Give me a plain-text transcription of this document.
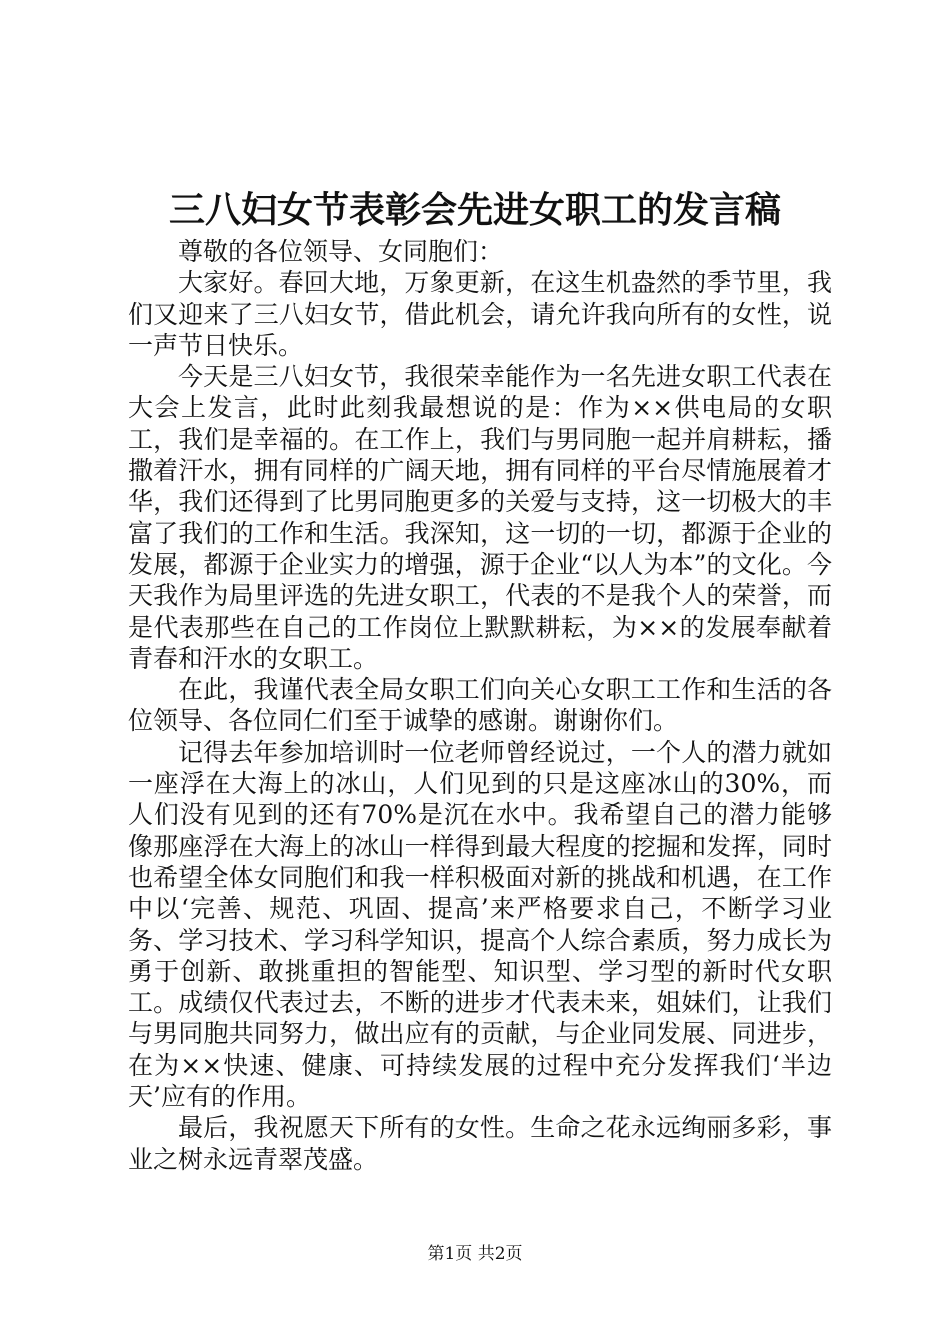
三八妇女节表彰会先进女职工的发言稿

尊敬的各位领导、女同胞们：

大家好。春回大地，万象更新，在这生机盎然的季节里，我们又迎来了三八妇女节，借此机会，请允许我向所有的女性，说一声节日快乐。

今天是三八妇女节，我很荣幸能作为一名先进女职工代表在大会上发言，此时此刻我最想说的是：作为××供电局的女职工，我们是幸福的。在工作上，我们与男同胞一起并肩耕耘，播撒着汗水，拥有同样的广阔天地，拥有同样的平台尽情施展着才华，我们还得到了比男同胞更多的关爱与支持，这一切极大的丰富了我们的工作和生活。我深知，这一切的一切，都源于企业的发展，都源于企业实力的增强，源于企业“以人为本”的文化。今天我作为局里评选的先进女职工，代表的不是我个人的荣誉，而是代表那些在自己的工作岗位上默默耕耘，为××的发展奉献着青春和汗水的女职工。

在此，我谨代表全局女职工们向关心女职工工作和生活的各位领导、各位同仁们至于诚挚的感谢。谢谢你们。

记得去年参加培训时一位老师曾经说过，一个人的潜力就如一座浮在大海上的冰山，人们见到的只是这座冰山的30%，而人们没有见到的还有70%是沉在水中。我希望自己的潜力能够像那座浮在大海上的冰山一样得到最大程度的挖掘和发挥，同时也希望全体女同胞们和我一样积极面对新的挑战和机遇，在工作中以‘完善、规范、巩固、提高’来严格要求自己，不断学习业务、学习技术、学习科学知识，提高个人综合素质，努力成长为勇于创新、敢挑重担的智能型、知识型、学习型的新时代女职工。成绩仅代表过去，不断的进步才代表未来，姐妹们，让我们与男同胞共同努力，做出应有的贡献，与企业同发展、同进步，在为××快速、健康、可持续发展的过程中充分发挥我们‘半边天’应有的作用。

最后，我祝愿天下所有的女性。生命之花永远绚丽多彩，事业之树永远青翠茂盛。

第1页 共2页
